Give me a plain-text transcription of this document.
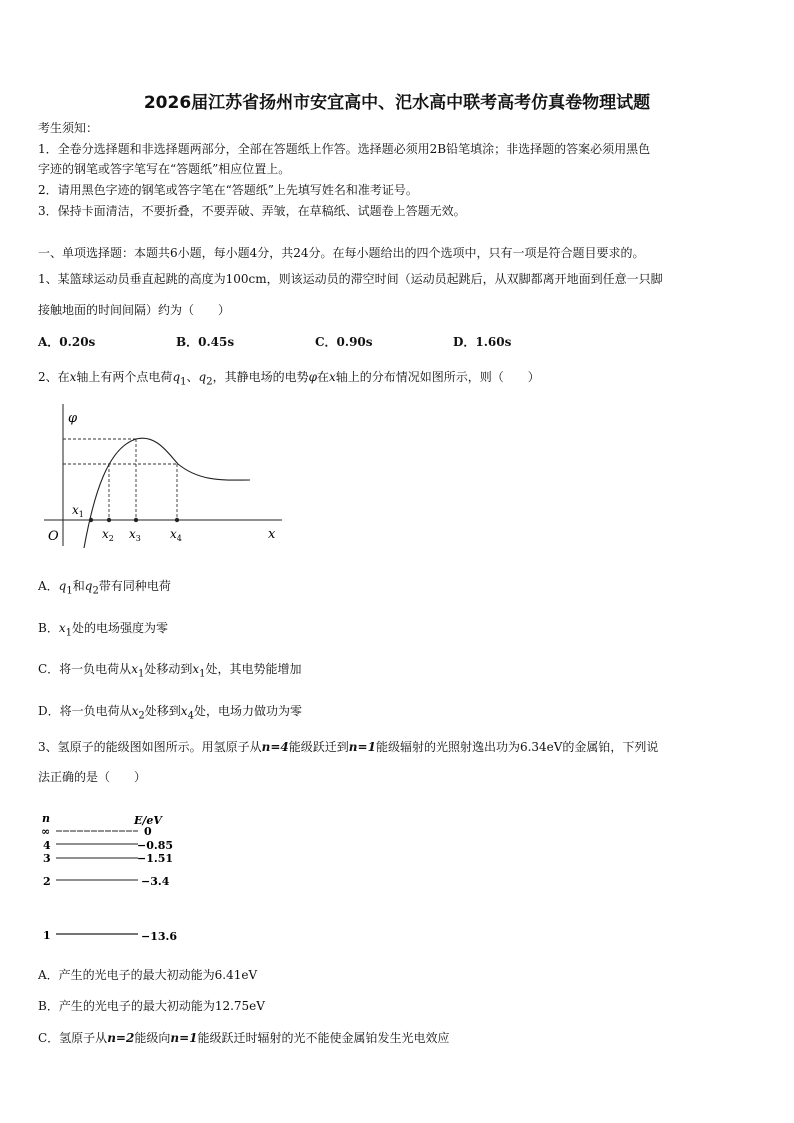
2026届江苏省扬州市安宜高中、汜水高中联考高考仿真卷物理试题
考生须知：
1．全卷分选择题和非选择题两部分，全部在答题纸上作答。选择题必须用2B铅笔填涂；非选择题的答案必须用黑色
字迹的钢笔或答字笔写在“答题纸”相应位置上。
2．请用黑色字迹的钢笔或答字笔在“答题纸”上先填写姓名和准考证号。
3．保持卡面清洁，不要折叠，不要弄破、弄皱，在草稿纸、试题卷上答题无效。
一、单项选择题：本题共6小题，每小题4分，共24分。在每小题给出的四个选项中，只有一项是符合题目要求的。
1、某篮球运动员垂直起跳的高度为100cm，则该运动员的滞空时间（运动员起跳后，从双脚都离开地面到任意一只脚
接触地面的时间间隔）约为（　　）
A．0.20s	B．0.45s	C．0.90s	D．1.60s
2、在x轴上有两个点电荷$q_1$、$q_2$，其静电场的电势φ在x轴上的分布情况如图所示，则（　　）
φ
x
O
$x_1$
$x_2$ $x_3$ $x_4$
A．$q_1$和$q_2$带有同种电荷
B．$x_1$处的电场强度为零
C．将一负电荷从$x_1$处移动到$x_1$处，其电势能增加
D．将一负电荷从$x_2$处移到$x_4$处，电场力做功为零
3、氢原子的能级图如图所示。用氢原子从n=4能级跃迁到n=1能级辐射的光照射逸出功为6.34eV的金属铂，下列说
法正确的是（　　）
n	E/eV
∞	0
4	−0.85
3	−1.51
2	−3.4
1	−13.6
A．产生的光电子的最大初动能为6.41eV
B．产生的光电子的最大初动能为12.75eV
C．氢原子从n=2能级向n=1能级跃迁时辐射的光不能使金属铂发生光电效应
